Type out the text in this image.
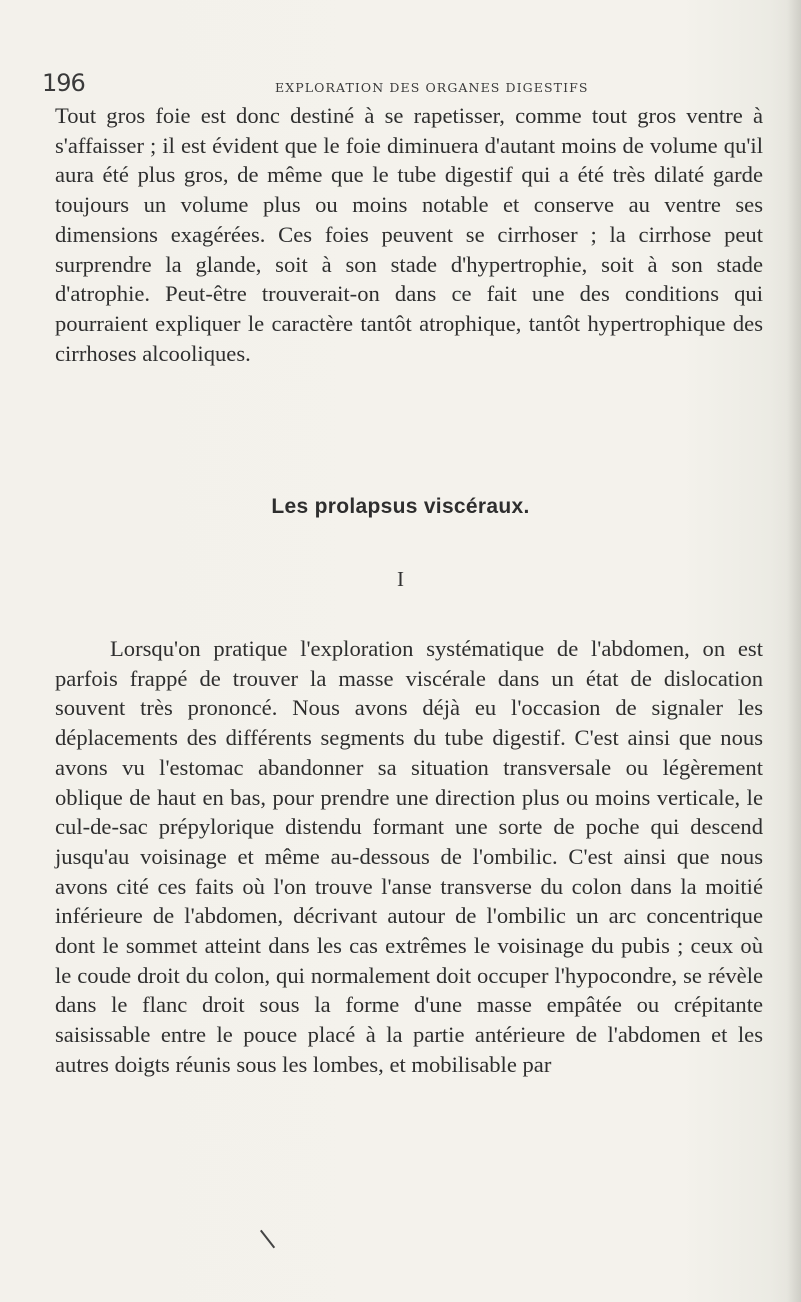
196	EXPLORATION DES ORGANES DIGESTIFS

Tout gros foie est donc destiné à se rapetisser, comme tout gros ventre à s'affaisser ; il est évident que le foie diminuera d'autant moins de volume qu'il aura été plus gros, de même que le tube digestif qui a été très dilaté garde toujours un volume plus ou moins notable et conserve au ventre ses dimensions exagérées. Ces foies peuvent se cirrhoser ; la cirrhose peut surprendre la glande, soit à son stade d'hypertrophie, soit à son stade d'atrophie. Peut-être trouverait-on dans ce fait une des conditions qui pourraient expliquer le caractère tantôt atrophique, tantôt hypertrophique des cirrhoses alcooliques.

Les prolapsus viscéraux.
I

Lorsqu'on pratique l'exploration systématique de l'abdomen, on est parfois frappé de trouver la masse viscérale dans un état de dislocation souvent très prononcé. Nous avons déjà eu l'occasion de signaler les déplacements des différents segments du tube digestif. C'est ainsi que nous avons vu l'estomac abandonner sa situation transversale ou légèrement oblique de haut en bas, pour prendre une direction plus ou moins verticale, le cul-de-sac prépylorique distendu formant une sorte de poche qui descend jusqu'au voisinage et même au-dessous de l'ombilic. C'est ainsi que nous avons cité ces faits où l'on trouve l'anse transverse du colon dans la moitié inférieure de l'abdomen, décrivant autour de l'ombilic un arc concentrique dont le sommet atteint dans les cas extrêmes le voisinage du pubis ; ceux où le coude droit du colon, qui normalement doit occuper l'hypocondre, se révèle dans le flanc droit sous la forme d'une masse empâtée ou crépitante saisissable entre le pouce placé à la partie antérieure de l'abdomen et les autres doigts réunis sous les lombes, et mobilisable par
